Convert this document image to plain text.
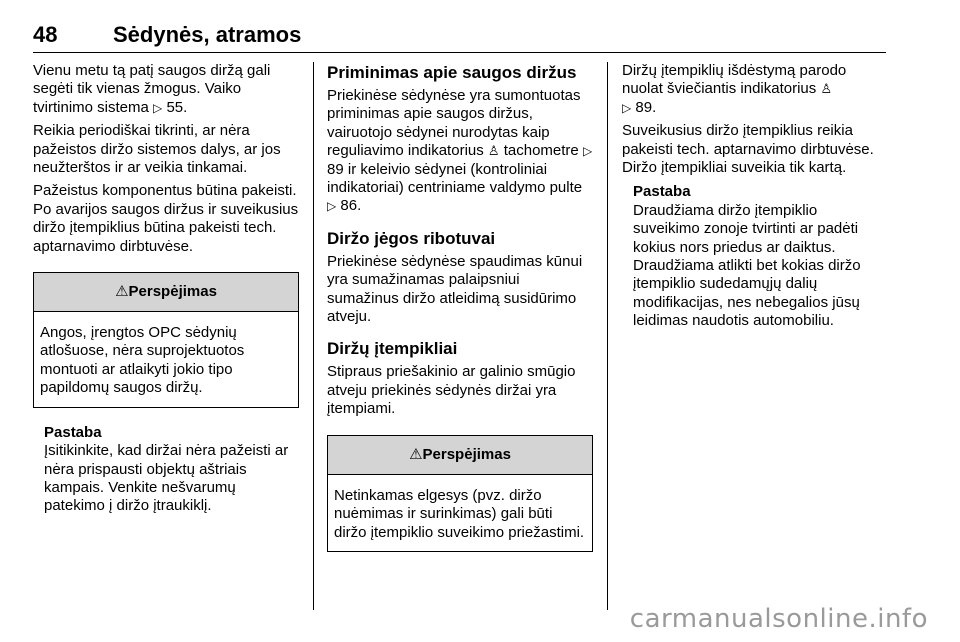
48	Sėdynės, atramos

Vienu metu tą patį saugos diržą gali segėti tik vienas žmogus. Vaiko tvirtinimo sistema ▷ 55.

Reikia periodiškai tikrinti, ar nėra pažeistos diržo sistemos dalys, ar jos neužterštos ir ar veikia tinkamai.

Pažeistus komponentus būtina pakeisti. Po avarijos saugos diržus ir suveikusius diržo įtempiklius būtina pakeisti tech. aptarnavimo dirbtuvėse.

⚠Perspėjimas
Angos, įrengtos OPC sėdynių atlošuose, nėra suprojektuotos montuoti ar atlaikyti jokio tipo papildomų saugos diržų.
Pastaba
Įsitikinkite, kad diržai nėra pažeisti ar nėra prispausti objektų aštriais kampais. Venkite nešvarumų patekimo į diržo įtraukiklį.
Priminimas apie saugos diržus

Priekinėse sėdynėse yra sumontuotas priminimas apie saugos diržus, vairuotojo sėdynei nurodytas kaip reguliavimo indikatorius ♙ tachometre ▷ 89 ir keleivio sėdynei (kontroliniai indikatoriai) centriniame valdymo pulte ▷ 86.

Diržo jėgos ribotuvai

Priekinėse sėdynėse spaudimas kūnui yra sumažinamas palaipsniui sumažinus diržo atleidimą susidūrimo atveju.

Diržų įtempikliai

Stipraus priešakinio ar galinio smūgio atveju priekinės sėdynės diržai yra įtempiami.

⚠Perspėjimas
Netinkamas elgesys (pvz. diržo nuėmimas ir surinkimas) gali būti diržo įtempiklio suveikimo priežastimi.

Diržų įtempiklių išdėstymą parodo nuolat šviečiantis indikatorius ♙
▷ 89.

Suveikusius diržo įtempiklius reikia pakeisti tech. aptarnavimo dirbtuvėse. Diržo įtempikliai suveikia tik kartą.

Pastaba
Draudžiama diržo įtempiklio suveikimo zonoje tvirtinti ar padėti kokius nors priedus ar daiktus. Draudžiama atlikti bet kokias diržo įtempiklio sudedamųjų dalių modifikacijas, nes nebegalios jūsų leidimas naudotis automobiliu.
carmanualsonline.info
